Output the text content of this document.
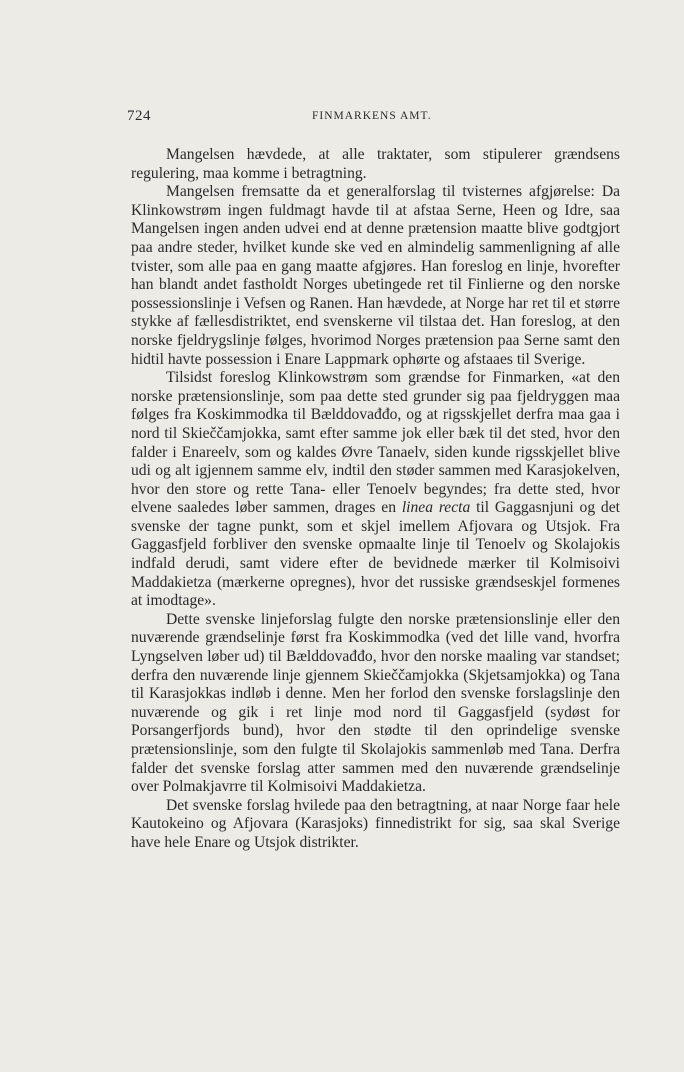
724	FINMARKENS AMT.

Mangelsen hævdede, at alle traktater, som stipulerer grændsens regulering, maa komme i betragtning.

Mangelsen fremsatte da et generalforslag til tvisternes afgjørelse: Da Klinkowstrøm ingen fuldmagt havde til at afstaa Serne, Heen og Idre, saa Mangelsen ingen anden udvei end at denne prætension maatte blive godtgjort paa andre steder, hvilket kunde ske ved en almindelig sammenligning af alle tvister, som alle paa en gang maatte afgjøres. Han foreslog en linje, hvorefter han blandt andet fastholdt Norges ubetingede ret til Finlierne og den norske possessionslinje i Vefsen og Ranen. Han hævdede, at Norge har ret til et større stykke af fællesdistriktet, end svenskerne vil tilstaa det. Han foreslog, at den norske fjeldrygslinje følges, hvorimod Norges prætension paa Serne samt den hidtil havte possession i Enare Lappmark ophørte og afstaaes til Sverige.

Tilsidst foreslog Klinkowstrøm som grændse for Finmarken, «at den norske prætensionslinje, som paa dette sted grunder sig paa fjeldryggen maa følges fra Koskimmodka til Bælddovađđo, og at rigsskjellet derfra maa gaa i nord til Skieččamjokka, samt efter samme jok eller bæk til det sted, hvor den falder i Enareelv, som og kaldes Øvre Tanaelv, siden kunde rigsskjellet blive udi og alt igjennem samme elv, indtil den støder sammen med Karasjokelven, hvor den store og rette Tana- eller Tenoelv begyndes; fra dette sted, hvor elvene saaledes løber sammen, drages en linea recta til Gaggasnjuni og det svenske der tagne punkt, som et skjel imellem Afjovara og Utsjok. Fra Gaggasfjeld forbliver den svenske opmaalte linje til Tenoelv og Skolajokis indfald derudi, samt videre efter de bevidnede mærker til Kolmisoivi Maddakietza (mærkerne opregnes), hvor det russiske grændseskjel formenes at imodtage».

Dette svenske linjeforslag fulgte den norske prætensionslinje eller den nuværende grændselinje først fra Koskimmodka (ved det lille vand, hvorfra Lyngselven løber ud) til Bælddovađđo, hvor den norske maaling var standset; derfra den nuværende linje gjennem Skieččamjokka (Skjetsamjokka) og Tana til Karasjokkas indløb i denne. Men her forlod den svenske forslagslinje den nuværende og gik i ret linje mod nord til Gaggasfjeld (sydøst for Porsangerfjords bund), hvor den stødte til den oprindelige svenske prætensionslinje, som den fulgte til Skolajokis sammenløb med Tana. Derfra falder det svenske forslag atter sammen med den nuværende grændselinje over Polmakjavrre til Kolmisoivi Maddakietza.

Det svenske forslag hvilede paa den betragtning, at naar Norge faar hele Kautokeino og Afjovara (Karasjoks) finnedistrikt for sig, saa skal Sverige have hele Enare og Utsjok distrikter.
